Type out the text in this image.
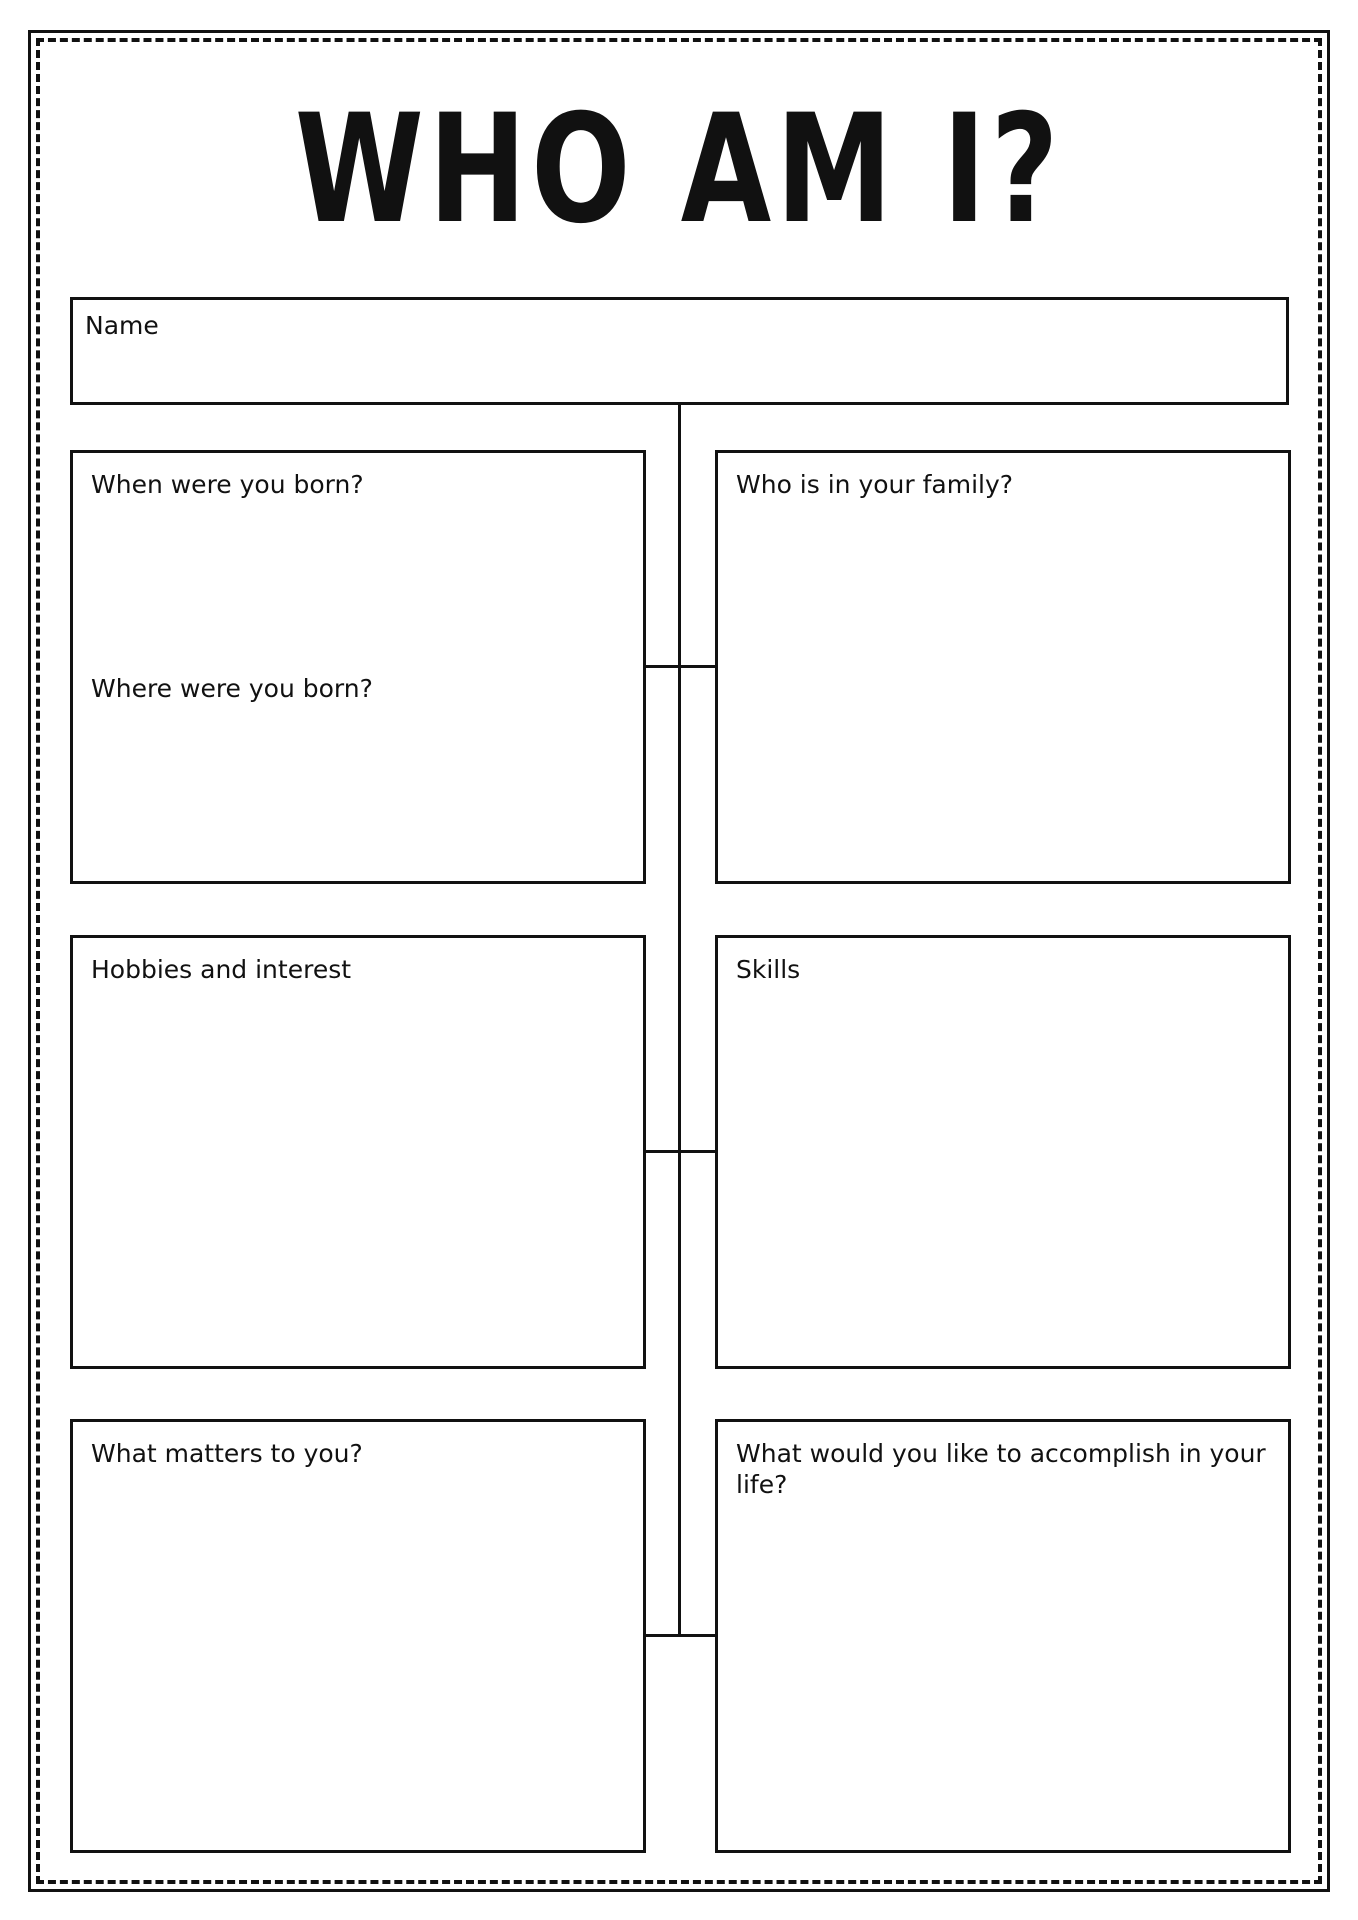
WHO AM I?
Name
When were you born?
Where were you born?
Who is in your family?
Hobbies and interest	Skills
What matters to you?	What would you like to accomplish in your life?
